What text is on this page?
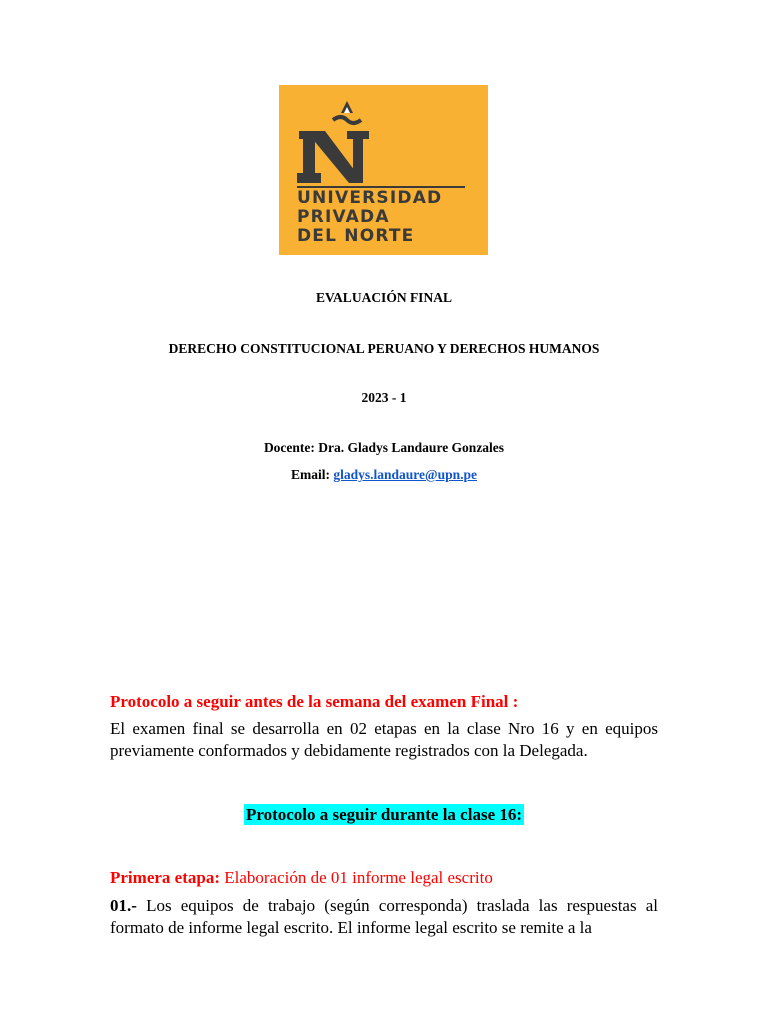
UNIVERSIDAD
PRIVADA
DEL NORTE
EVALUACIÓN FINAL
DERECHO CONSTITUCIONAL PERUANO Y DERECHOS HUMANOS
2023 - 1
Docente: Dra. Gladys Landaure Gonzales
Email: gladys.landaure@upn.pe
Protocolo a seguir antes de la semana del examen Final :
El examen final se desarrolla en 02 etapas en la clase Nro 16 y en equipos previamente conformados y debidamente registrados con la Delegada.
Protocolo a seguir durante la clase 16:
Primera etapa: Elaboración de 01 informe legal escrito
01.- Los equipos de trabajo (según corresponda) traslada las respuestas al formato de informe legal escrito. El informe legal escrito se remite a la
